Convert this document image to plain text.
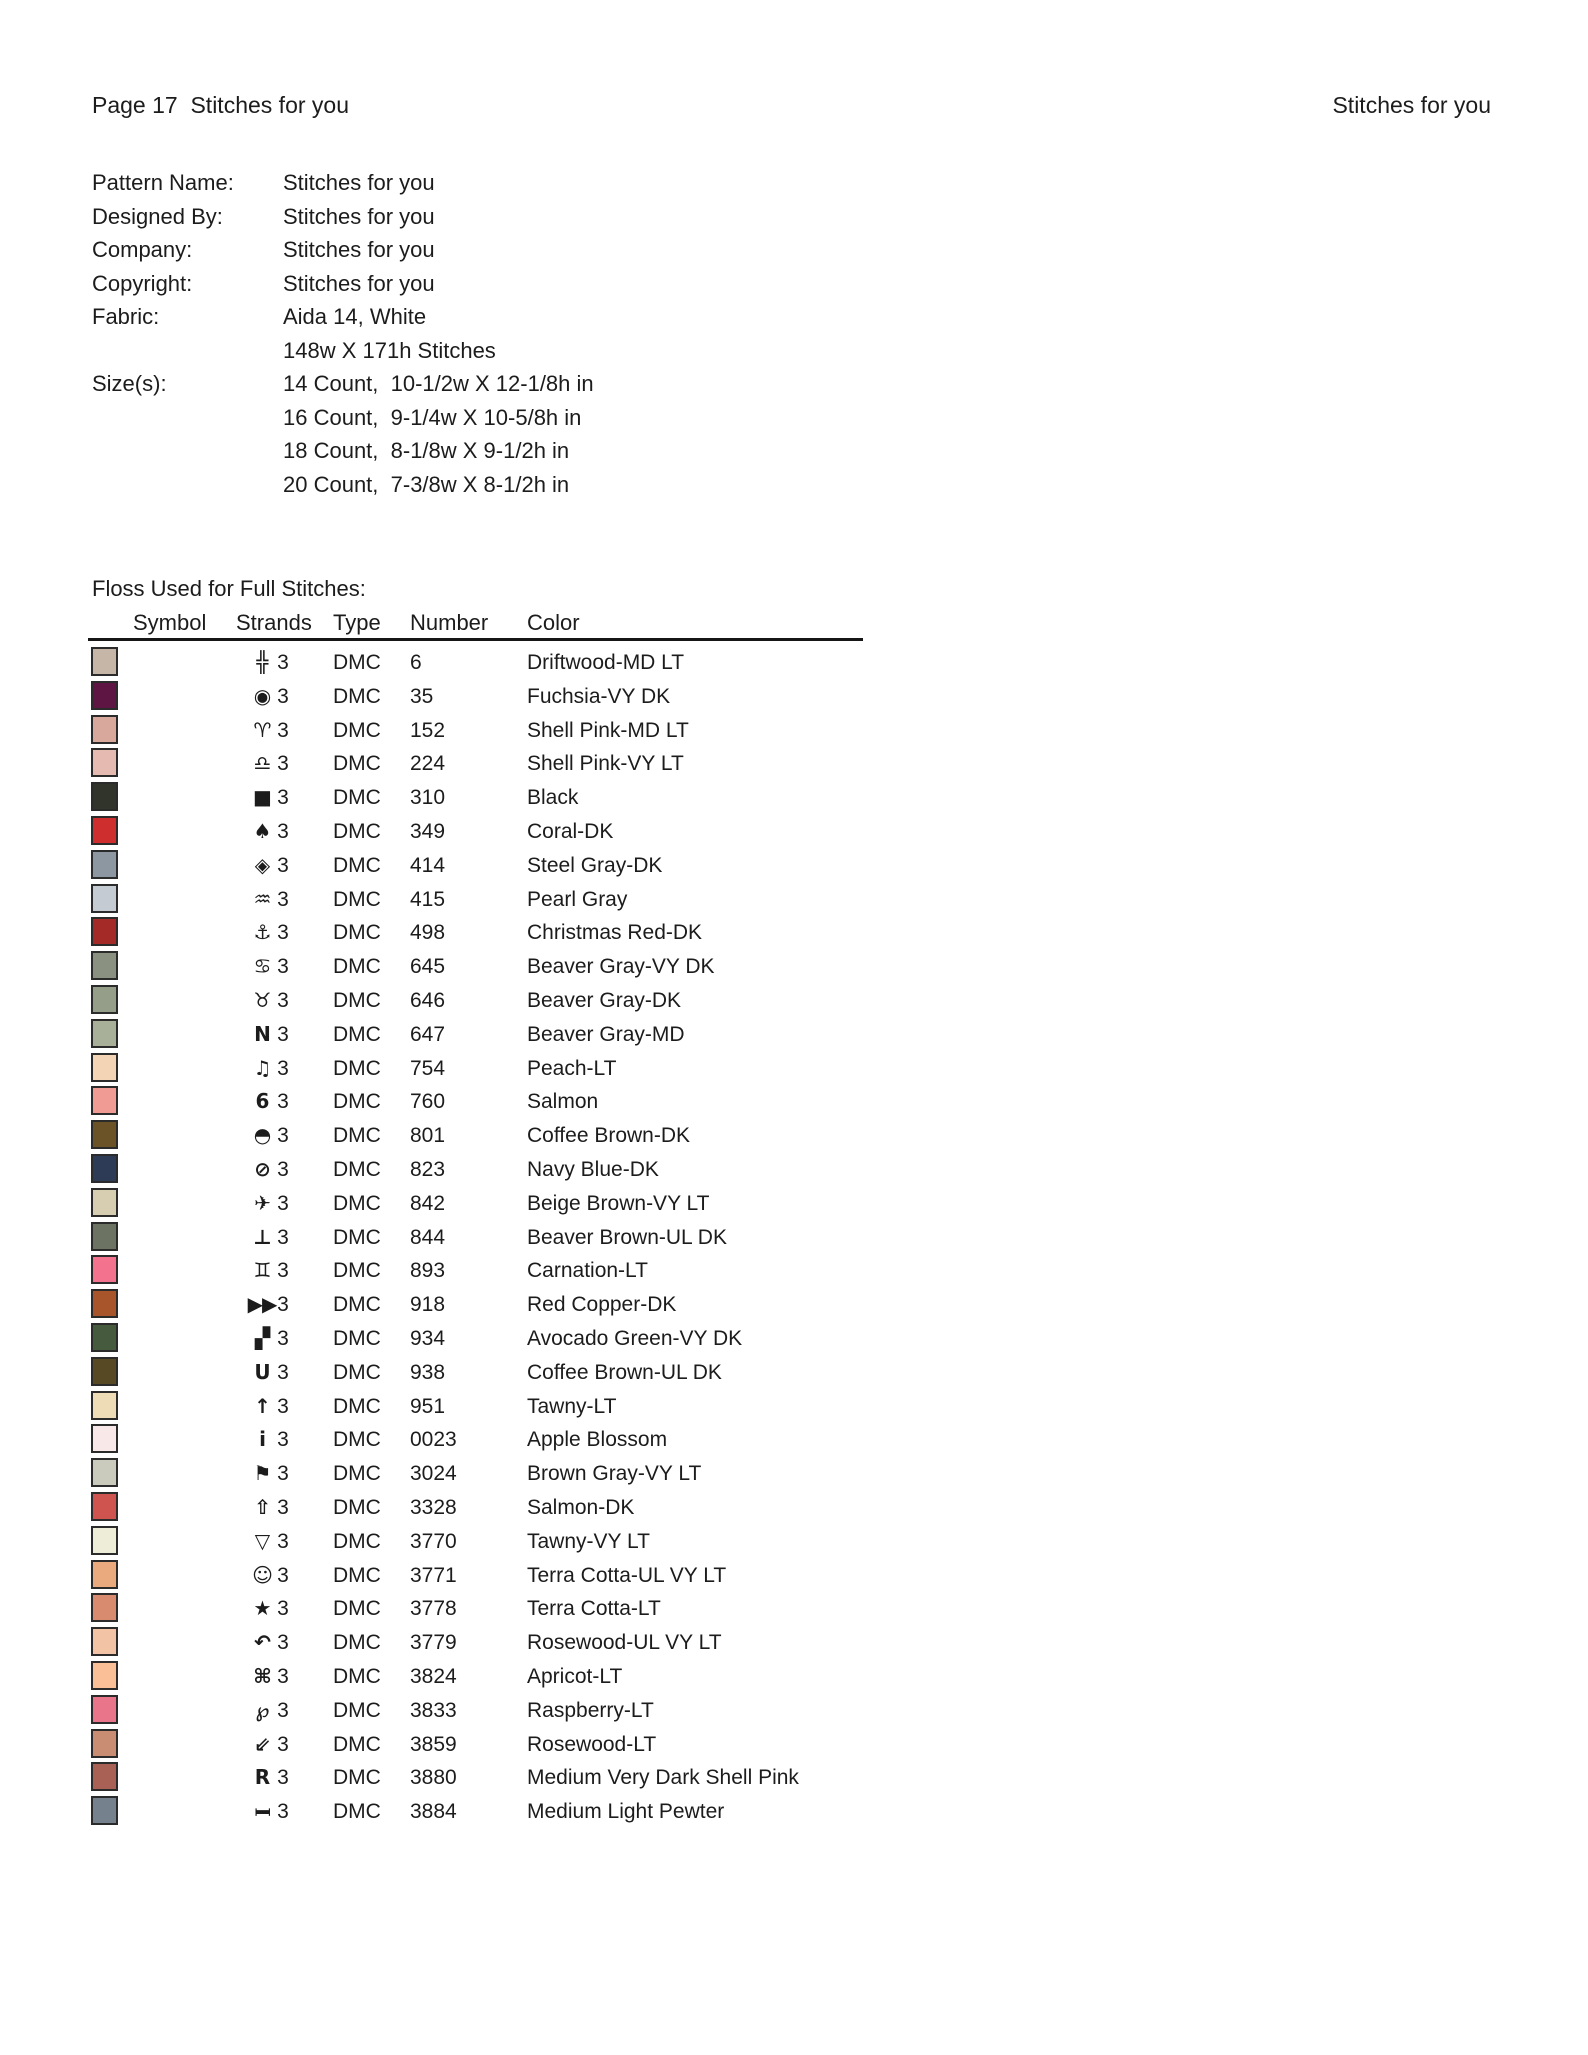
Page 17  Stitches for you	Stitches for you
Pattern Name:	Stitches for you
Designed By:	Stitches for you
Company:	Stitches for you
Copyright:	Stitches for you
Fabric:	Aida 14, White
148w X 171h Stitches
Size(s):	14 Count,  10-1/2w X 12-1/8h in
16 Count,  9-1/4w X 10-5/8h in
18 Count,  8-1/8w X 9-1/2h in
20 Count,  7-3/8w X 8-1/2h in
Floss Used for Full Stitches:
Symbol Strands Type Number Color
╬ 3	DMC 6	Driftwood-MD LT
◉ 3	DMC 35	Fuchsia-VY DK
♈ 3	DMC 152	Shell Pink-MD LT
♎ 3	DMC 224	Shell Pink-VY LT
■ 3	DMC 310	Black
♠ 3	DMC 349	Coral-DK
◈ 3	DMC 414	Steel Gray-DK
♒ 3	DMC 415	Pearl Gray
⚓ 3	DMC 498	Christmas Red-DK
♋ 3	DMC 645	Beaver Gray-VY DK
♉ 3	DMC 646	Beaver Gray-DK
N 3	DMC 647	Beaver Gray-MD
♫ 3	DMC 754	Peach-LT
6 3	DMC 760	Salmon
◓ 3	DMC 801	Coffee Brown-DK
⊘ 3	DMC 823	Navy Blue-DK
✈ 3	DMC 842	Beige Brown-VY LT
⊥ 3	DMC 844	Beaver Brown-UL DK
♊ 3	DMC 893	Carnation-LT
▶▶ 3	DMC 918	Red Copper-DK
▞ 3	DMC 934	Avocado Green-VY DK
U 3	DMC 938	Coffee Brown-UL DK
↑ 3	DMC 951	Tawny-LT
i 3	DMC 0023	Apple Blossom
⚑ 3	DMC 3024	Brown Gray-VY LT
⇧ 3	DMC 3328	Salmon-DK
▽ 3	DMC 3770	Tawny-VY LT
☺ 3	DMC 3771	Terra Cotta-UL VY LT
★ 3	DMC 3778	Terra Cotta-LT
↶ 3	DMC 3779	Rosewood-UL VY LT
⌘ 3	DMC 3824	Apricot-LT
℘ 3	DMC 3833	Raspberry-LT
⇙ 3	DMC 3859	Rosewood-LT
R 3	DMC 3880	Medium Very Dark Shell Pink
I 3	DMC 3884	Medium Light Pewter
